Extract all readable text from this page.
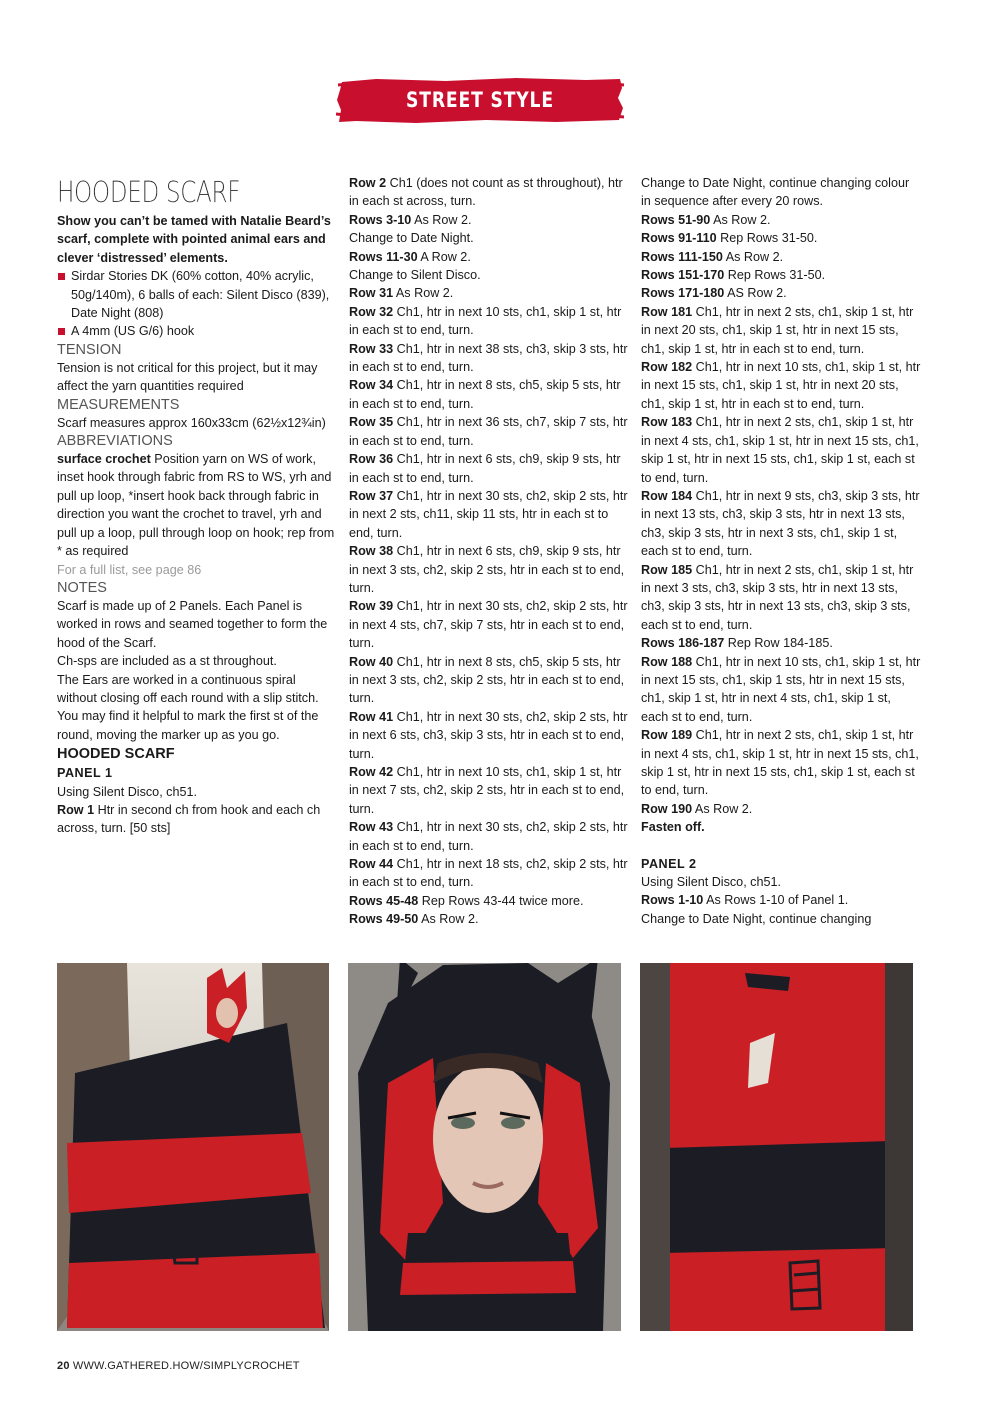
STREET STYLE COLLECTION
HOODED SCARF

Show you can’t be tamed with Natalie Beard’s scarf, complete with pointed animal ears and clever ‘distressed’ elements.

Sirdar Stories DK (60% cotton, 40% acrylic, 50g/140m), 6 balls of each: Silent Disco (839), Date Night (808)
A 4mm (US G/6) hook

TENSION

Tension is not critical for this project, but it may affect the yarn quantities required

MEASUREMENTS

Scarf measures approx 160x33cm (62½x12¾in)

ABBREVIATIONS

surface crochet Position yarn on WS of work, inset hook through fabric from RS to WS, yrh and pull up loop, *insert hook back through fabric in direction you want the crochet to travel, yrh and pull up a loop, pull through loop on hook; rep from * as required

For a full list, see page 86

NOTES

Scarf is made up of 2 Panels. Each Panel is worked in rows and seamed together to form the hood of the Scarf.

Ch-sps are included as a st throughout.

The Ears are worked in a continuous spiral without closing off each round with a slip stitch. You may find it helpful to mark the first st of the round, moving the marker up as you go.

HOODED SCARF

PANEL 1

Using Silent Disco, ch51.

Row 1 Htr in second ch from hook and each ch across, turn. [50 sts]

Row 2 Ch1 (does not count as st throughout), htr in each st across, turn.

Rows 3-10 As Row 2.

Change to Date Night.

Rows 11-30 A Row 2.

Change to Silent Disco.

Row 31 As Row 2.

Row 32 Ch1, htr in next 10 sts, ch1, skip 1 st, htr in each st to end, turn.

Row 33 Ch1, htr in next 38 sts, ch3, skip 3 sts, htr in each st to end, turn.

Row 34 Ch1, htr in next 8 sts, ch5, skip 5 sts, htr in each st to end, turn.

Row 35 Ch1, htr in next 36 sts, ch7, skip 7 sts, htr in each st to end, turn.

Row 36 Ch1, htr in next 6 sts, ch9, skip 9 sts, htr in each st to end, turn.

Row 37 Ch1, htr in next 30 sts, ch2, skip 2 sts, htr in next 2 sts, ch11, skip 11 sts, htr in each st to end, turn.

Row 38 Ch1, htr in next 6 sts, ch9, skip 9 sts, htr in next 3 sts, ch2, skip 2 sts, htr in each st to end, turn.

Row 39 Ch1, htr in next 30 sts, ch2, skip 2 sts, htr in next 4 sts, ch7, skip 7 sts, htr in each st to end, turn.

Row 40 Ch1, htr in next 8 sts, ch5, skip 5 sts, htr in next 3 sts, ch2, skip 2 sts, htr in each st to end, turn.

Row 41 Ch1, htr in next 30 sts, ch2, skip 2 sts, htr in next 6 sts, ch3, skip 3 sts, htr in each st to end, turn.

Row 42 Ch1, htr in next 10 sts, ch1, skip 1 st, htr in next 7 sts, ch2, skip 2 sts, htr in each st to end, turn.

Row 43 Ch1, htr in next 30 sts, ch2, skip 2 sts, htr in each st to end, turn.

Row 44 Ch1, htr in next 18 sts, ch2, skip 2 sts, htr in each st to end, turn.

Rows 45-48 Rep Rows 43-44 twice more.

Rows 49-50 As Row 2.

Change to Date Night, continue changing colour in sequence after every 20 rows.

Rows 51-90 As Row 2.

Rows 91-110 Rep Rows 31-50.

Rows 111-150 As Row 2.

Rows 151-170 Rep Rows 31-50.

Rows 171-180 AS Row 2.

Row 181 Ch1, htr in next 2 sts, ch1, skip 1 st, htr in next 20 sts, ch1, skip 1 st, htr in next 15 sts, ch1, skip 1 st, htr in each st to end, turn.

Row 182 Ch1, htr in next 10 sts, ch1, skip 1 st, htr in next 15 sts, ch1, skip 1 st, htr in next 20 sts, ch1, skip 1 st, htr in each st to end, turn.

Row 183 Ch1, htr in next 2 sts, ch1, skip 1 st, htr in next 4 sts, ch1, skip 1 st, htr in next 15 sts, ch1, skip 1 st, htr in next 15 sts, ch1, skip 1 st, each st to end, turn.

Row 184 Ch1, htr in next 9 sts, ch3, skip 3 sts, htr in next 13 sts, ch3, skip 3 sts, htr in next 13 sts, ch3, skip 3 sts, htr in next 3 sts, ch1, skip 1 st, each st to end, turn.

Row 185 Ch1, htr in next 2 sts, ch1, skip 1 st, htr in next 3 sts, ch3, skip 3 sts, htr in next 13 sts, ch3, skip 3 sts, htr in next 13 sts, ch3, skip 3 sts, each st to end, turn.

Rows 186-187 Rep Row 184-185.

Row 188 Ch1, htr in next 10 sts, ch1, skip 1 st, htr in next 15 sts, ch1, skip 1 sts, htr in next 15 sts, ch1, skip 1 st, htr in next 4 sts, ch1, skip 1 st, each st to end, turn.

Row 189 Ch1, htr in next 2 sts, ch1, skip 1 st, htr in next 4 sts, ch1, skip 1 st, htr in next 15 sts, ch1, skip 1 st, htr in next 15 sts, ch1, skip 1 st, each st to end, turn.

Row 190 As Row 2.

Fasten off.

PANEL 2

Using Silent Disco, ch51.

Rows 1-10 As Rows 1-10 of Panel 1.

Change to Date Night, continue changing

20 WWW.GATHERED.HOW/SIMPLYCROCHET
